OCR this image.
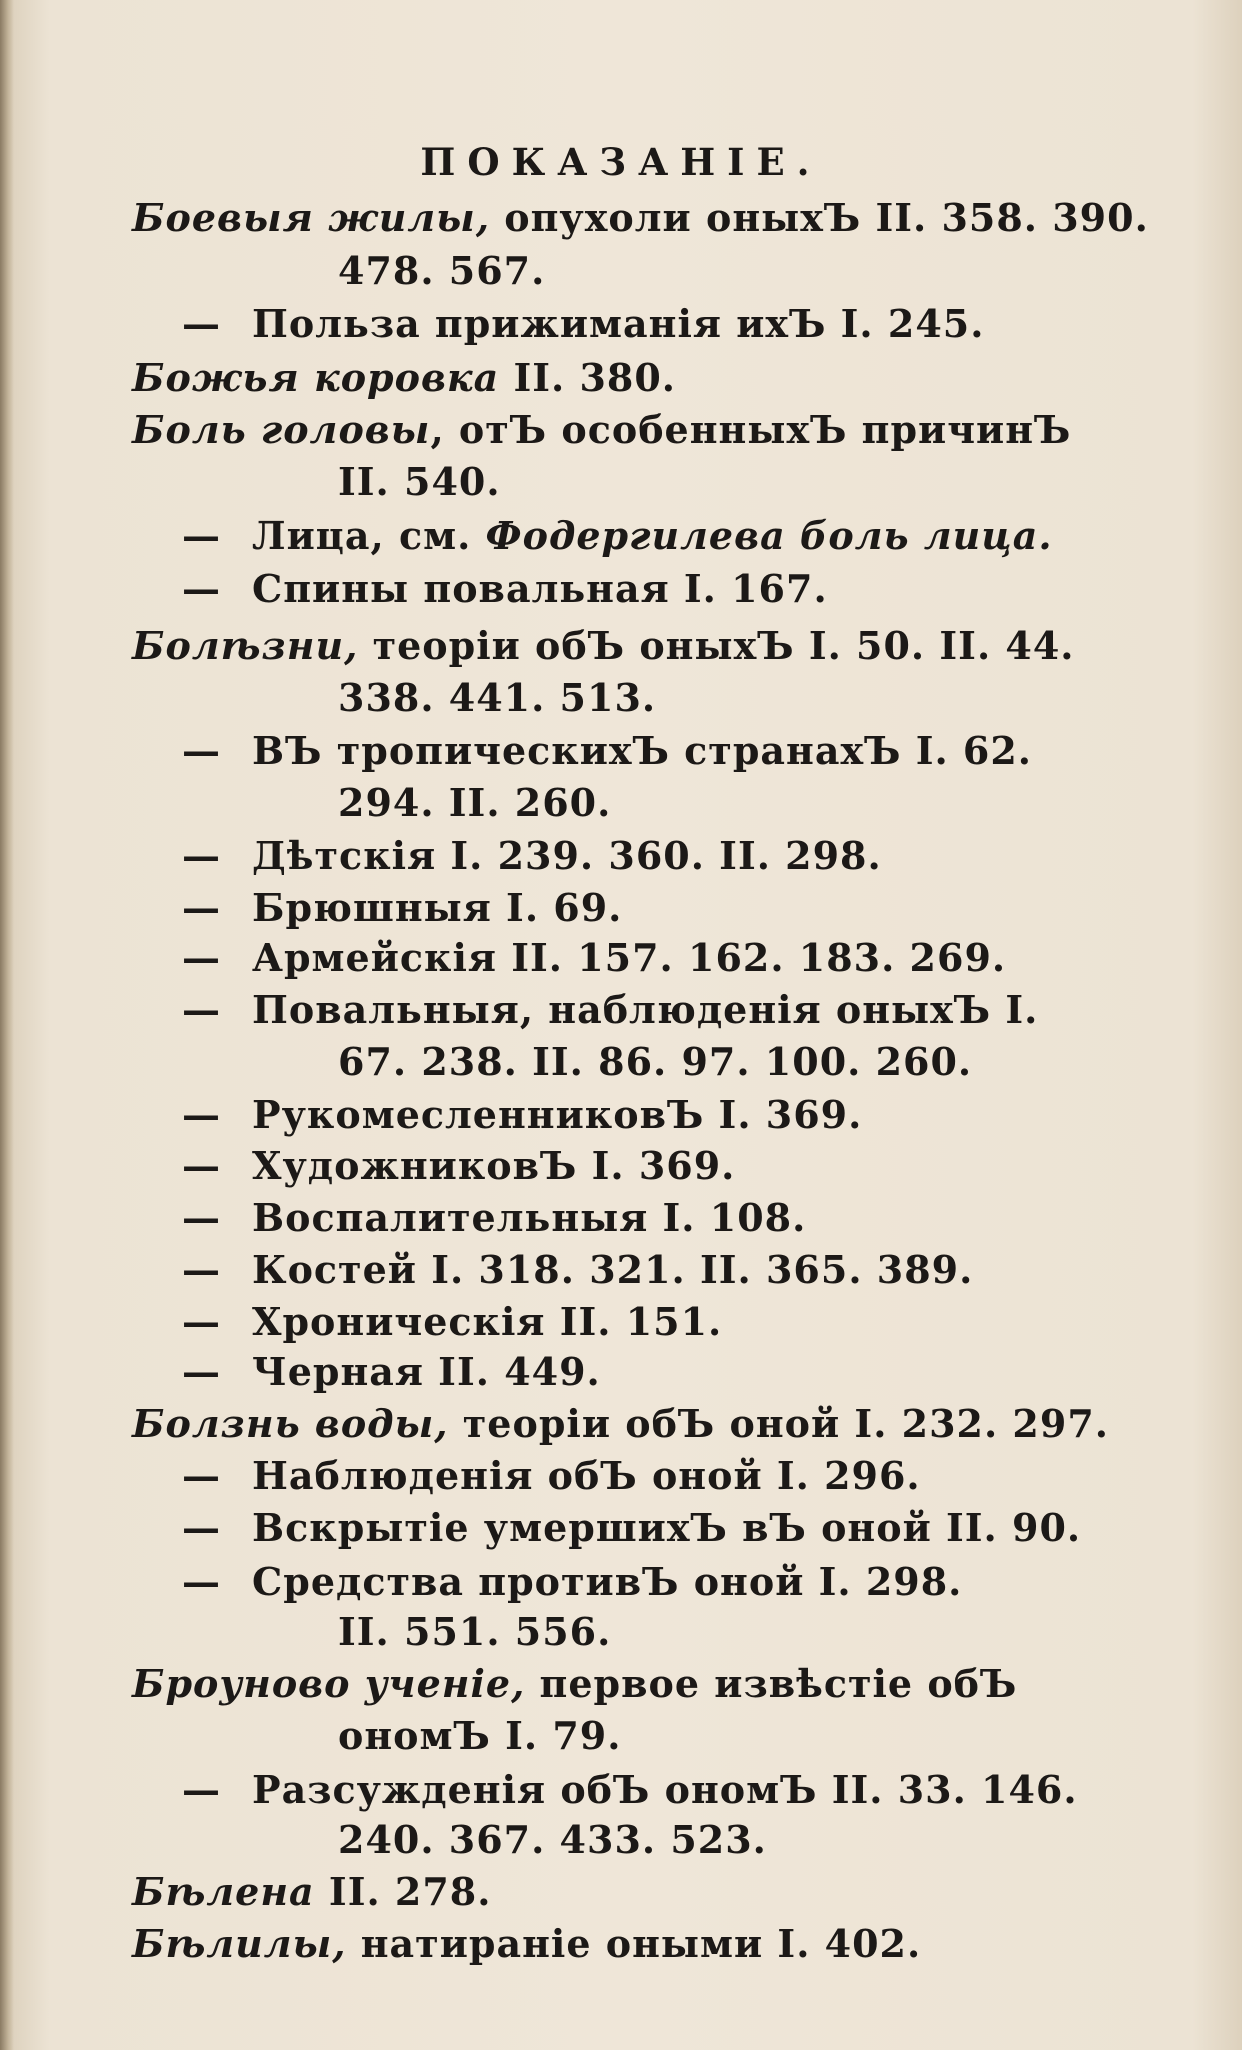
ПОКАЗАНІЕ.
Боевыя жилы, опухоли оныхЪ II. 358. 390.
478. 567.
— Польза прижиманія ихЪ I. 245.
Божья коровка II. 380.
Боль головы, отЪ особенныхЪ причинЪ
II. 540.
— Лица, см. Фодергилева боль лица.
— Спины повальная I. 167.
Болѣзни, теоріи обЪ оныхЪ I. 50. II. 44.
338. 441. 513.
— ВЪ тропическихЪ странахЪ I. 62.
294. II. 260.
— Дѣтскія I. 239. 360. II. 298.
— Брюшныя I. 69.
— Армейскія II. 157. 162. 183. 269.
— Повальныя, наблюденія оныхЪ I.
67. 238. II. 86. 97. 100. 260.
— РукомесленниковЪ I. 369.
— ХудожниковЪ I. 369.
— Воспалительныя I. 108.
— Костей I. 318. 321. II. 365. 389.
— Хроническія II. 151.
— Черная II. 449.
Болзнь воды, теоріи обЪ оной I. 232. 297.
— Наблюденія обЪ оной I. 296.
— Вскрытіе умершихЪ вЪ оной II. 90.
— Средства противЪ оной I. 298.
II. 551. 556.
Броуново ученіе, первое извѣстіе обЪ
ономЪ I. 79.
— Разсужденія обЪ ономЪ II. 33. 146.
240. 367. 433. 523.
Бѣлена II. 278.
Бѣлилы, натираніе оными I. 402.
